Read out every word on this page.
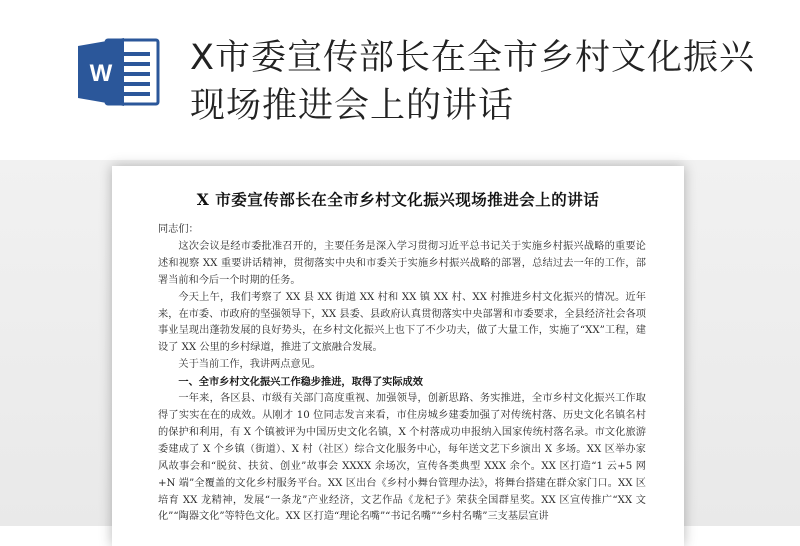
W X市委宣传部长在全市乡村文化振兴现场推进会上的讲话
X 市委宣传部长在全市乡村文化振兴现场推进会上的讲话

同志们：

这次会议是经市委批准召开的，主要任务是深入学习贯彻习近平总书记关于实施乡村振兴战略的重要论述和视察 XX 重要讲话精神，贯彻落实中央和市委关于实施乡村振兴战略的部署，总结过去一年的工作，部署当前和今后一个时期的任务。

今天上午，我们考察了 XX 县 XX 街道 XX 村和 XX 镇 XX 村、XX 村推进乡村文化振兴的情况。近年来，在市委、市政府的坚强领导下，XX 县委、县政府认真贯彻落实中央部署和市委要求，全县经济社会各项事业呈现出蓬勃发展的良好势头，在乡村文化振兴上也下了不少功夫，做了大量工作，实施了“XX”工程，建设了 XX 公里的乡村绿道，推进了文旅融合发展。

关于当前工作，我讲两点意见。

一、全市乡村文化振兴工作稳步推进，取得了实际成效

一年来，各区县、市级有关部门高度重视、加强领导，创新思路、务实推进，全市乡村文化振兴工作取得了实实在在的成效。从刚才 10 位同志发言来看，市住房城乡建委加强了对传统村落、历史文化名镇名村的保护和利用，有 X 个镇被评为中国历史文化名镇，X 个村落成功申报纳入国家传统村落名录。市文化旅游委建成了 X 个乡镇（街道）、X 村（社区）综合文化服务中心，每年送文艺下乡演出 X 多场。XX 区举办家风故事会和“脱贫、扶贫、创业”故事会 XXXX 余场次，宣传各类典型 XXX 余个。XX 区打造“1 云+5 网+N 端”全覆盖的文化乡村服务平台。XX 区出台《乡村小舞台管理办法》，将舞台搭建在群众家门口。XX 区培育 XX 龙精神，发展“一条龙”产业经济，文艺作品《龙杞子》荣获全国群星奖。XX 区宣传推广“XX 文化”“陶器文化”等特色文化。XX 区打造“理论名嘴”“书记名嘴”“乡村名嘴”三支基层宣讲
